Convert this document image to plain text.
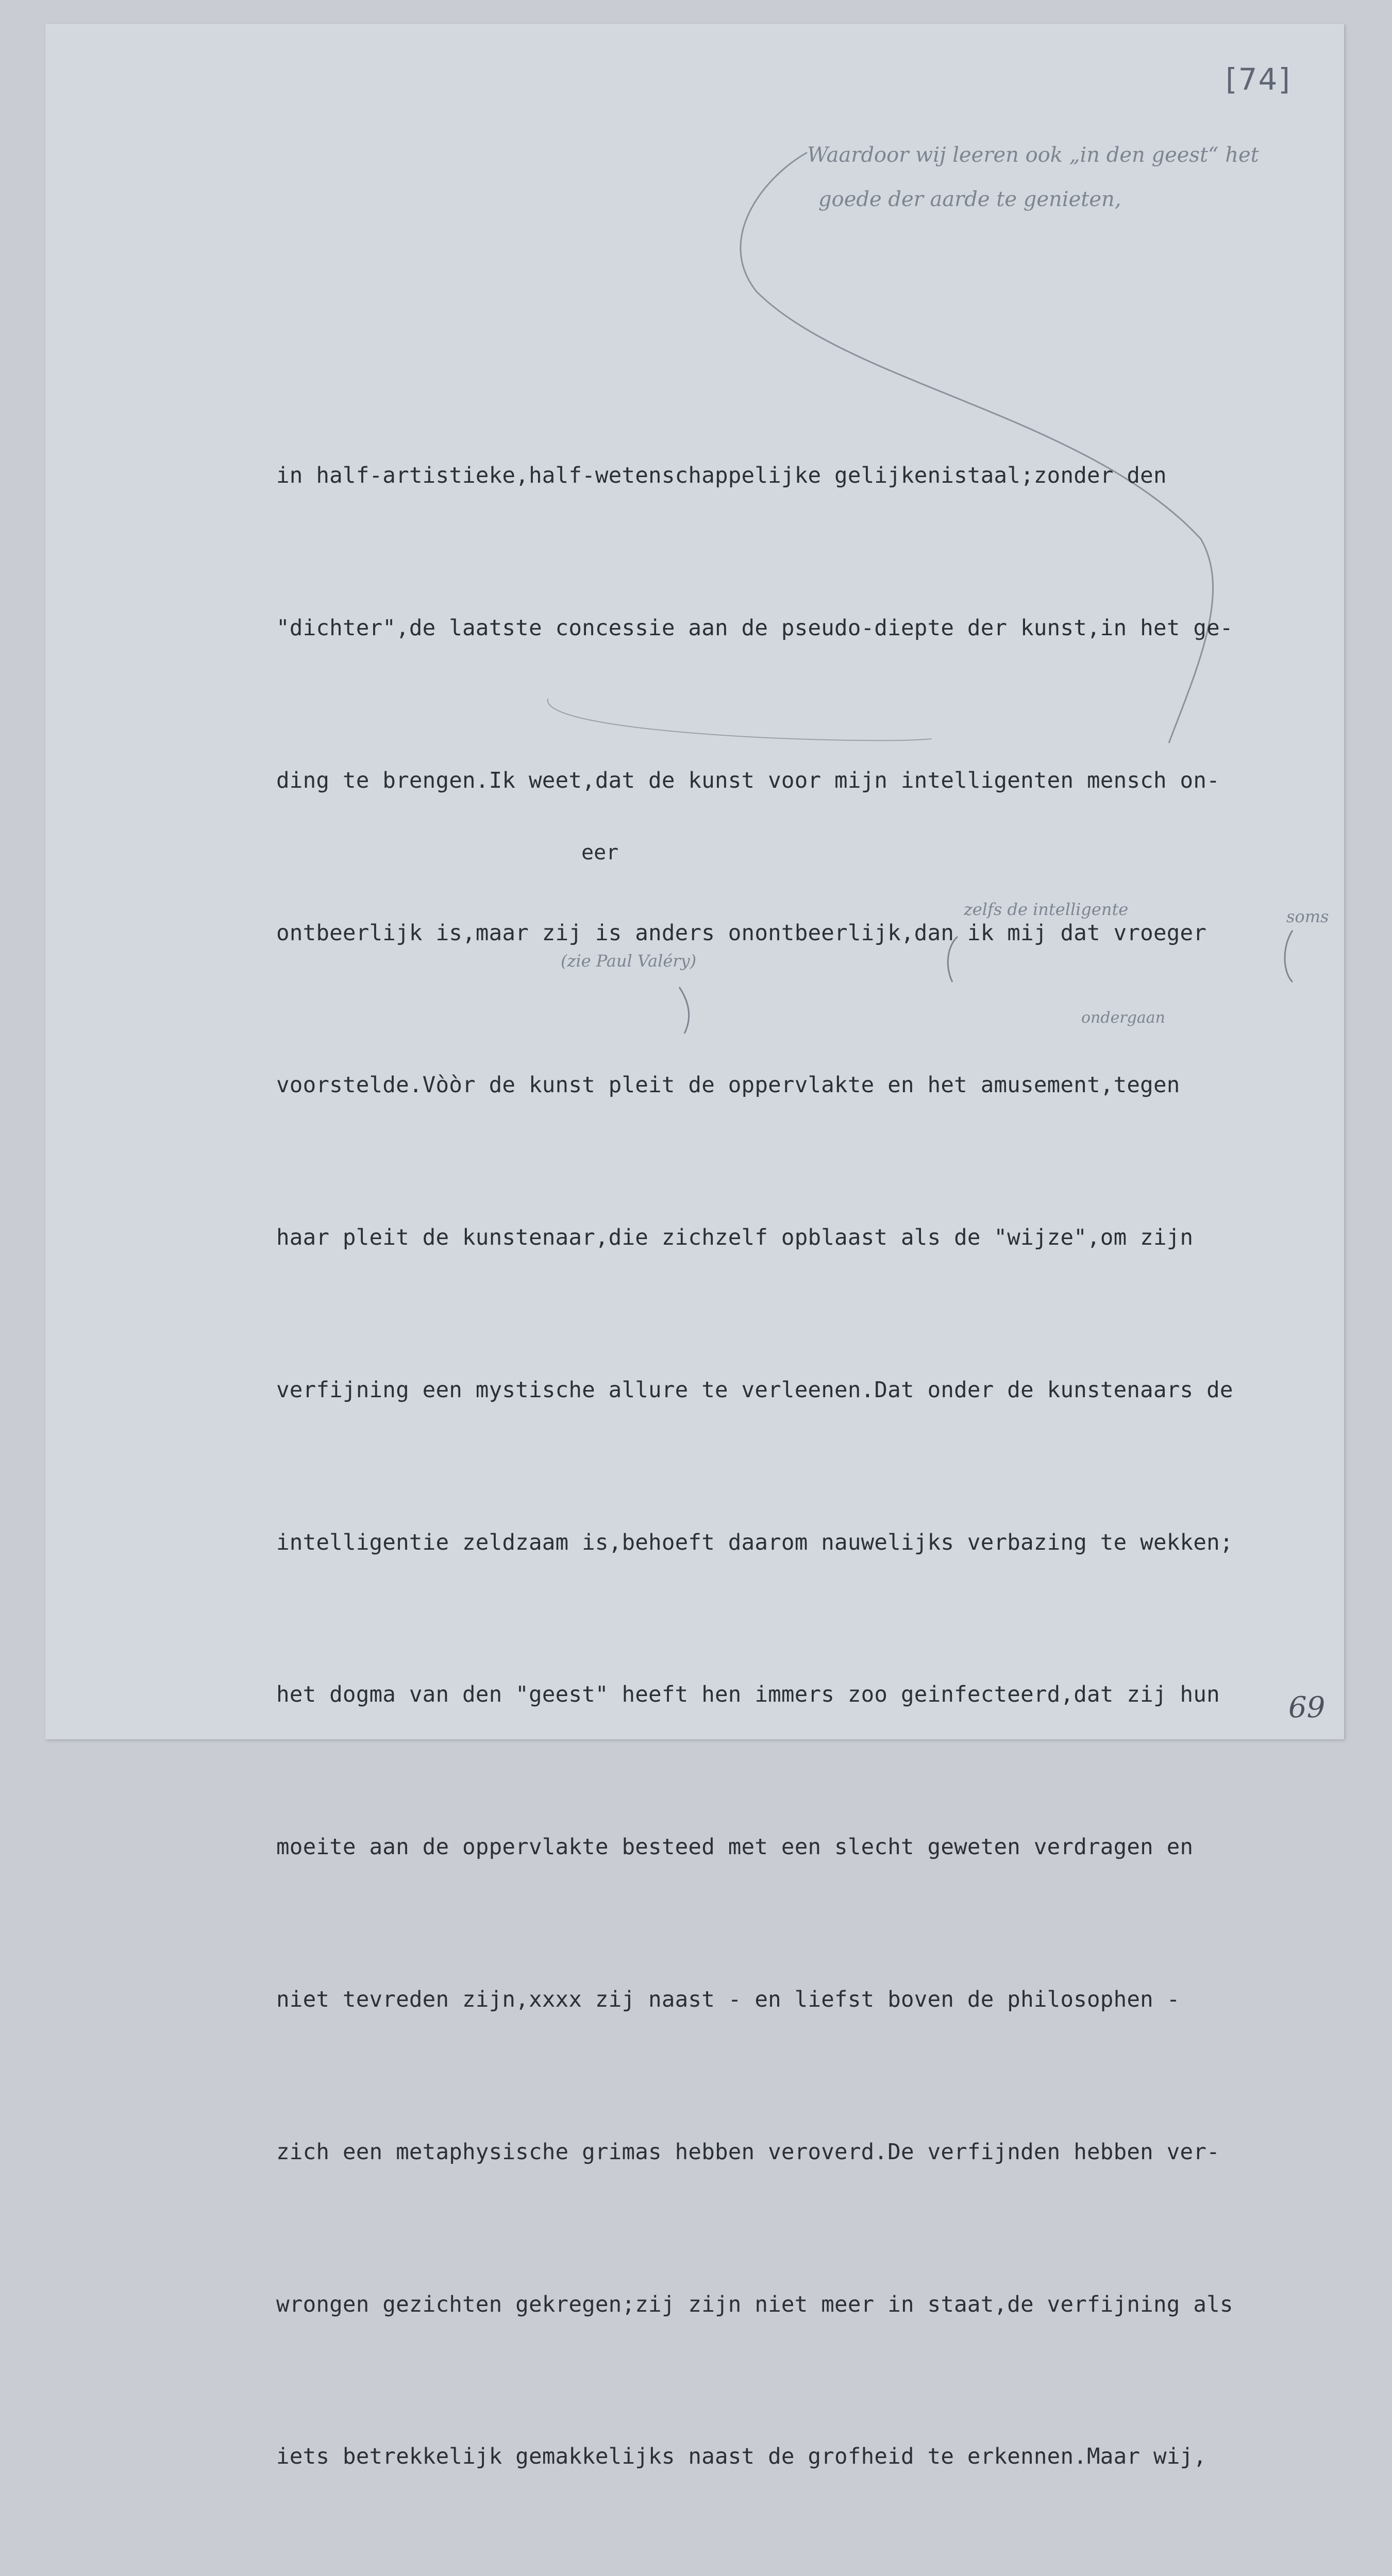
[74]
Waardoor wij leeren ook „in den geest“ het
goede der aarde te genieten,

in half-artistieke,half-wetenschappelijke gelijkenistaal;zonder den

"dichter",de laatste concessie aan de pseudo-diepte der kunst,in het ge-

ding te brengen.Ik weet,dat de kunst voor mijn intelligenten mensch on-

ontbeerlijk is,maar zij is anders onontbeerlijk,dan ik mij dat vroeger

voorstelde.Vòòr de kunst pleit de oppervlakte en het amusement,tegen

haar pleit de kunstenaar,die zichzelf opblaast als de "wijze",om zijn

verfijning een mystische allure te verleenen.Dat onder de kunstenaars de

intelligentie zeldzaam is,behoeft daarom nauwelijks verbazing te wekken;

het dogma van den "geest" heeft hen immers zoo geinfecteerd,dat zij hun

moeite aan de oppervlakte besteed met een slecht geweten verdragen en

niet tevreden zijn,xxxx zij naast - en liefst boven de philosophen -

zich een metaphysische grimas hebben veroverd.De verfijnden hebben ver-

wrongen gezichten gekregen;zij zijn niet meer in staat,de verfijning als

iets betrekkelijk gemakkelijks naast de grofheid te erkennen.Maar wij,

eer
zelfs de intelligente	soms
(zie Paul Valéry)
ondergaan
69
